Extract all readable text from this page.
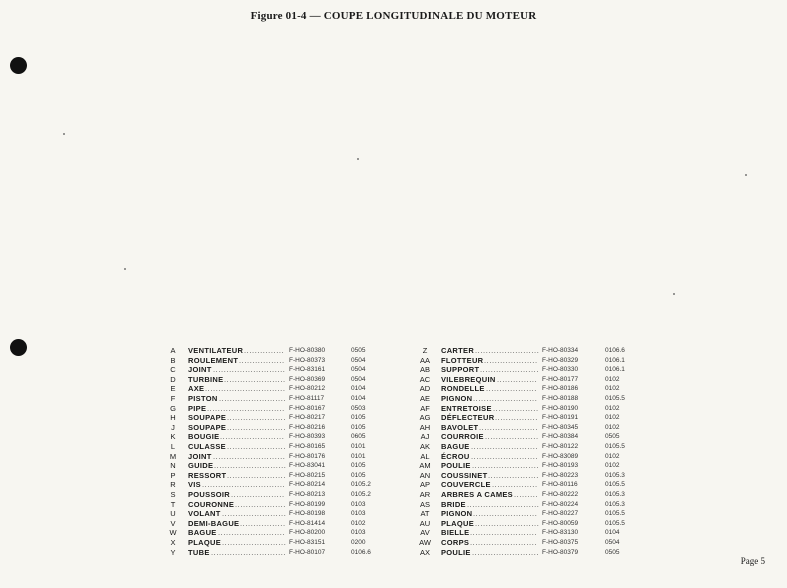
Figure 01-4 — COUPE LONGITUDINALE DU MOTEUR
A	VENTILATEUR	F-HO-80380	0505
...............
B	ROULEMENT	F-HO-80373	0504
.................
C	JOINT	F-HO-83161	0504
...........................
D	TURBINE	F-HO-80369	0504
.......................
E	AXE	F-HO-80212	0104
..............................
F	PISTON	F-HO-81117	0104
.........................
G	PIPE	F-HO-80167	0503
.............................
H	SOUPAPE	F-HO-80217	0105
......................
J	SOUPAPE	F-HO-80216	0105
......................
K	BOUGIE	F-HO-80393	0605
........................
L	CULASSE	F-HO-80165	0101
......................
M	JOINT	F-HO-80176	0101
...........................
N	GUIDE	F-HO-83041	0105
...........................
P	RESSORT	F-HO-80215	0105
......................
R	VIS	F-HO-80214	0105.2
...............................
S	POUSSOIR	F-HO-80213	0105.2
....................
T	COURONNE	F-HO-80199	0103
...................
U	VOLANT	F-HO-80198	0103
........................
V	DEMI-BAGUE	F-HO-81414	0102
.................
W	BAGUE	F-HO-80200	0103
.........................
X	PLAQUE	F-HO-83151	0200
........................
Y	TUBE	F-HO-80107	0106.6
............................
Z	CARTER	F-HO-80334	0106.6
........................
AA FLOTTEUR	F-HO-80329	0106.1
....................
AB SUPPORT	F-HO-80330	0106.1
......................
AC VILEBREQUIN	F-HO-80177	0102
...............
AD RONDELLE	F-HO-80186	0102
...................
AE PIGNON	F-HO-80188	0105.5
........................
AF ENTRETOISE	F-HO-80190	0102
.................
AG DÉFLECTEUR	F-HO-80191	0102
................
AH BAVOLET	F-HO-80345	0102
......................
AJ	COURROIE	F-HO-80384	0505
....................
AK BAGUE	F-HO-80122	0105.5
.........................
AL	ÉCROU	F-HO-83089	0102
.........................
AM POULIE	F-HO-80193	0102
.........................
AN COUSSINET	F-HO-80223	0105.3
...................
AP COUVERCLE	F-HO-80116	0105.5
.................
AR ARBRES A CAMES	F-HO-80222	0105.3
.........
AS BRIDE	F-HO-80224	0105.3
...........................
AT	PIGNON	F-HO-80227	0105.5
........................
AU PLAQUE	F-HO-80059	0105.5
........................
AV	BIELLE	F-HO-83130	0104
.........................
AW CORPS	F-HO-80375	0504
.........................
AX POULIE	F-HO-80379	0505
.........................
Page 5
